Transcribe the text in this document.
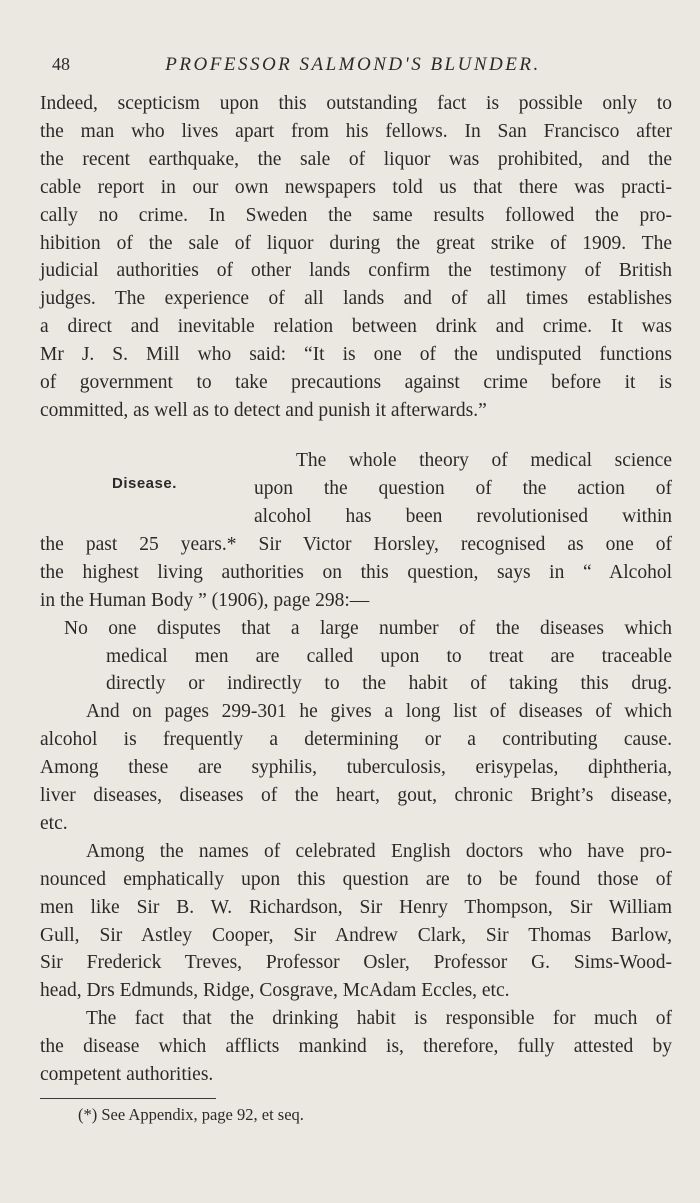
48	PROFESSOR SALMOND'S BLUNDER.

Indeed, scepticism upon this outstanding fact is possible only to
the man who lives apart from his fellows. In San Francisco after
the recent earthquake, the sale of liquor was prohibited, and the
cable report in our own newspapers told us that there was practi-
cally no crime. In Sweden the same results followed the pro-
hibition of the sale of liquor during the great strike of 1909. The
judicial authorities of other lands confirm the testimony of British
judges. The experience of all lands and of all times establishes
a direct and inevitable relation between drink and crime. It was
Mr J. S. Mill who said: “It is one of the undisputed functions
of government to take precautions against crime before it is
committed, as well as to detect and punish it afterwards.”

Disease.
The whole theory of medical science
upon the question of the action of
alcohol has been revolutionised within

the past 25 years.* Sir Victor Horsley, recognised as one of
the highest living authorities on this question, says in “ Alcohol
in the Human Body ” (1906), page 298:—

No one disputes that a large number of the diseases which
medical men are called upon to treat are traceable
directly or indirectly to the habit of taking this drug.

And on pages 299-301 he gives a long list of diseases of which
alcohol is frequently a determining or a contributing cause.
Among these are syphilis, tuberculosis, erisypelas, diphtheria,
liver diseases, diseases of the heart, gout, chronic Bright’s disease,
etc.

Among the names of celebrated English doctors who have pro-
nounced emphatically upon this question are to be found those of
men like Sir B. W. Richardson, Sir Henry Thompson, Sir William
Gull, Sir Astley Cooper, Sir Andrew Clark, Sir Thomas Barlow,
Sir Frederick Treves, Professor Osler, Professor G. Sims-Wood-
head, Drs Edmunds, Ridge, Cosgrave, McAdam Eccles, etc.

The fact that the drinking habit is responsible for much of
the disease which afflicts mankind is, therefore, fully attested by
competent authorities.

(*) See Appendix, page 92, et seq.
